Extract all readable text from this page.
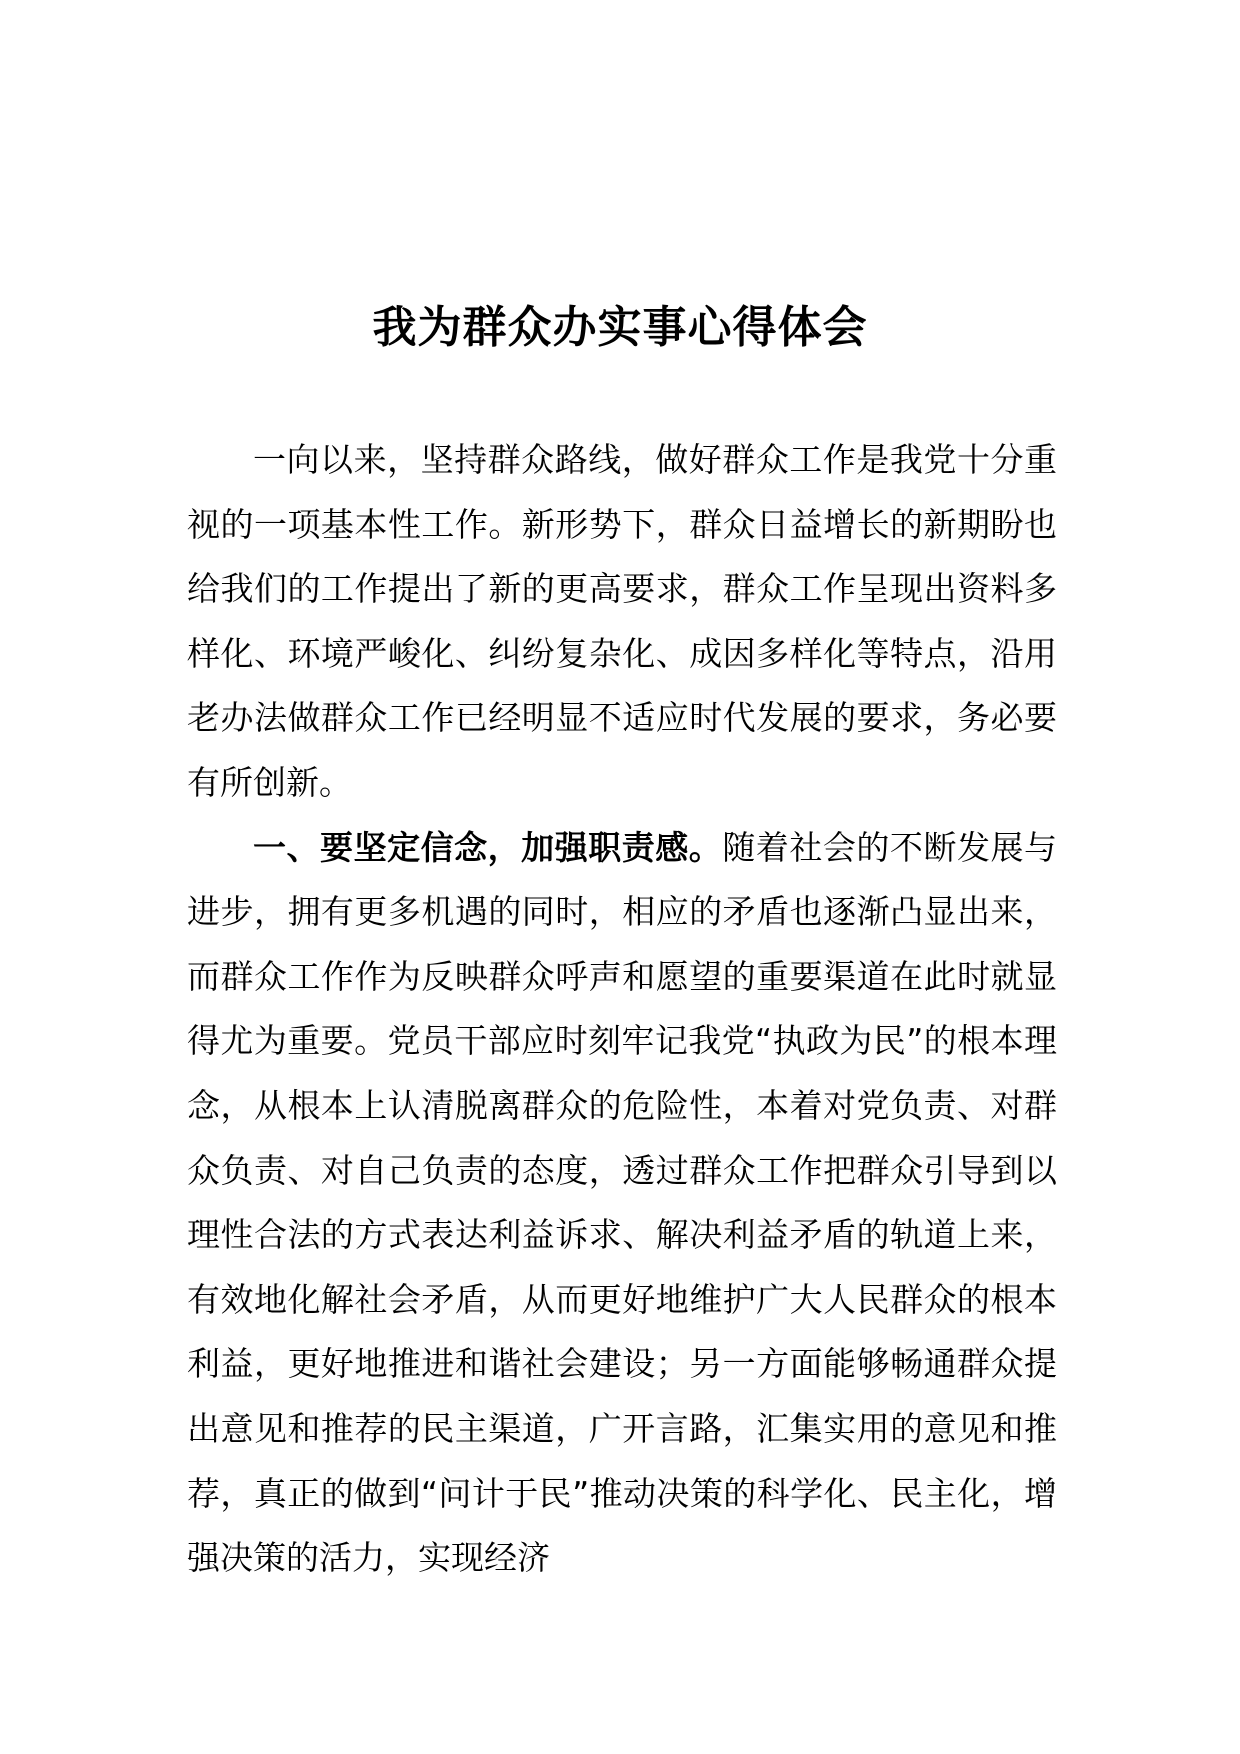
我为群众办实事心得体会

一向以来，坚持群众路线，做好群众工作是我党十分重视的一项基本性工作。新形势下，群众日益增长的新期盼也给我们的工作提出了新的更高要求，群众工作呈现出资料多样化、环境严峻化、纠纷复杂化、成因多样化等特点，沿用老办法做群众工作已经明显不适应时代发展的要求，务必要有所创新。

一、要坚定信念，加强职责感。随着社会的不断发展与进步，拥有更多机遇的同时，相应的矛盾也逐渐凸显出来，而群众工作作为反映群众呼声和愿望的重要渠道在此时就显得尤为重要。党员干部应时刻牢记我党“执政为民”的根本理念，从根本上认清脱离群众的危险性，本着对党负责、对群众负责、对自己负责的态度，透过群众工作把群众引导到以理性合法的方式表达利益诉求、解决利益矛盾的轨道上来，有效地化解社会矛盾，从而更好地维护广大人民群众的根本利益，更好地推进和谐社会建设；另一方面能够畅通群众提出意见和推荐的民主渠道，广开言路，汇集实用的意见和推荐，真正的做到“问计于民”推动决策的科学化、民主化，增强决策的活力，实现经济
